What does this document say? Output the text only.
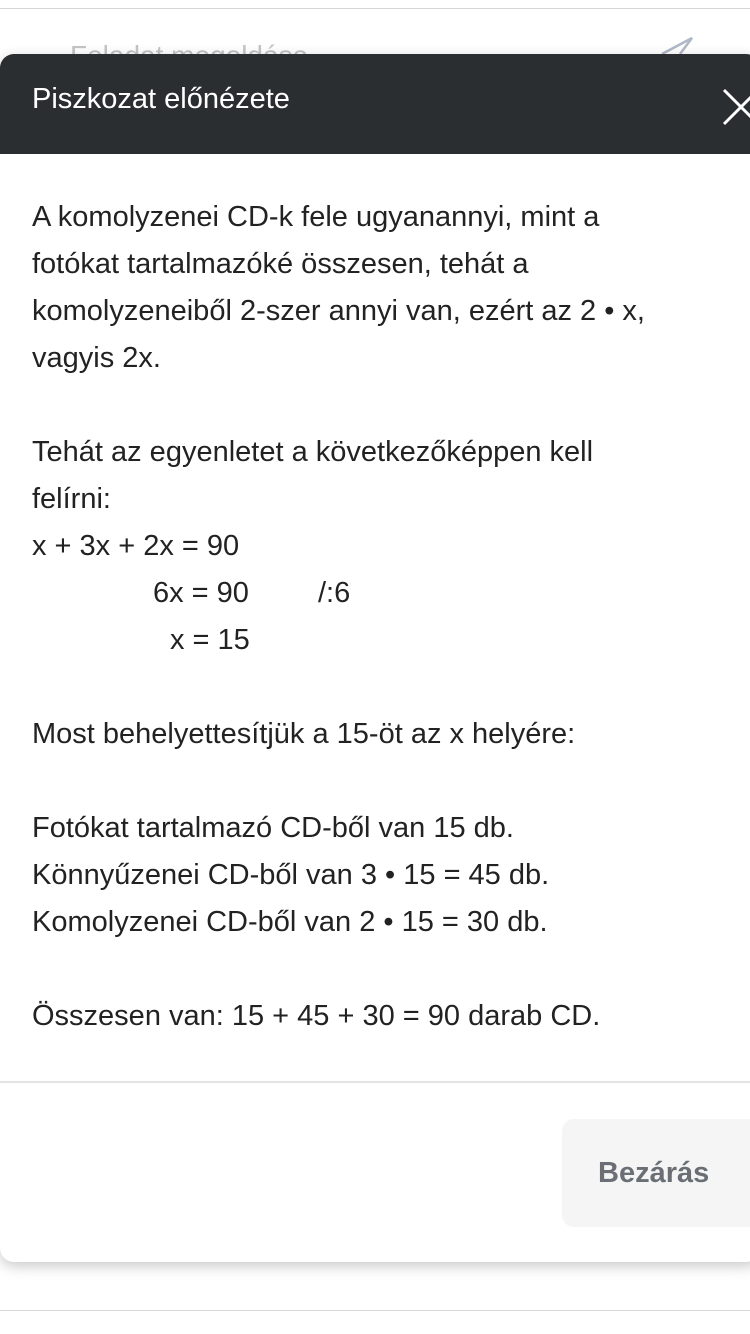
Piszkozat előnézete
A komolyzenei CD-k fele ugyanannyi, mint a
fotókat tartalmazóké összesen, tehát a
komolyzeneiből 2-szer annyi van, ezért az 2 • x,
vagyis 2x.
Tehát az egyenletet a következőképpen kell
felírni:
x + 3x + 2x = 90
6x = 90 /:6
x = 15
Most behelyettesítjük a 15-öt az x helyére:
Fotókat tartalmazó CD-ből van 15 db.
Könnyűzenei CD-ből van 3 • 15 = 45 db.
Komolyzenei CD-ből van 2 • 15 = 30 db.
Összesen van: 15 + 45 + 30 = 90 darab CD.
Bezárás
